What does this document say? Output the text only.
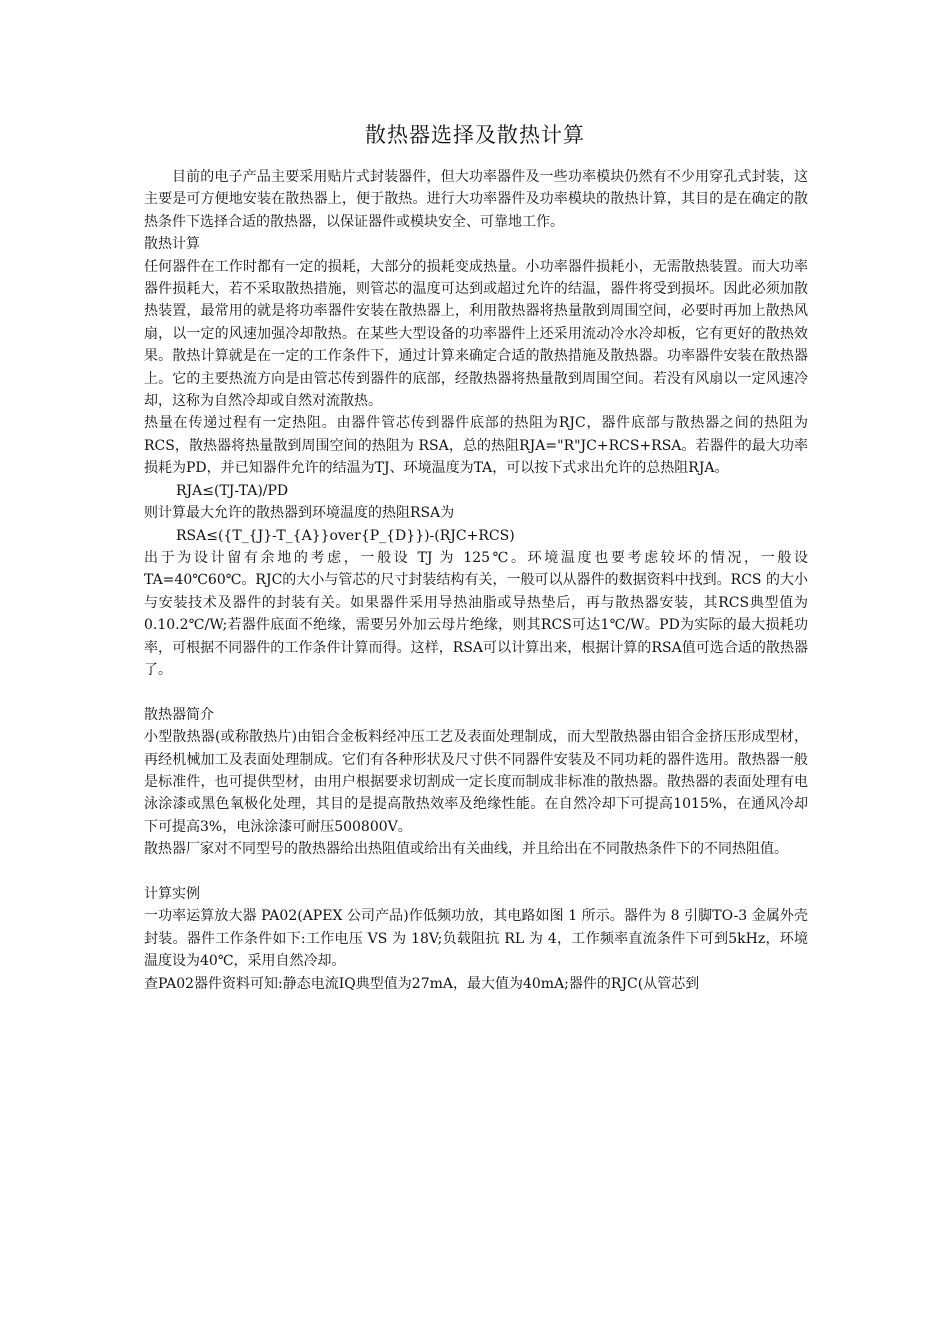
散热器选择及散热计算

目前的电子产品主要采用贴片式封装器件，但大功率器件及一些功率模块仍然有不少用穿孔式封装，这主要是可方便地安装在散热器上，便于散热。进行大功率器件及功率模块的散热计算，其目的是在确定的散热条件下选择合适的散热器，以保证器件或模块安全、可靠地工作。

散热计算

任何器件在工作时都有一定的损耗，大部分的损耗变成热量。小功率器件损耗小，无需散热装置。而大功率器件损耗大，若不采取散热措施，则管芯的温度可达到或超过允许的结温，器件将受到损坏。因此必须加散热装置，最常用的就是将功率器件安装在散热器上，利用散热器将热量散到周围空间，必要时再加上散热风扇，以一定的风速加强冷却散热。在某些大型设备的功率器件上还采用流动冷水冷却板，它有更好的散热效果。散热计算就是在一定的工作条件下，通过计算来确定合适的散热措施及散热器。功率器件安装在散热器上。它的主要热流方向是由管芯传到器件的底部，经散热器将热量散到周围空间。若没有风扇以一定风速冷却，这称为自然冷却或自然对流散热。

热量在传递过程有一定热阻。由器件管芯传到器件底部的热阻为RJC，器件底部与散热器之间的热阻为 RCS，散热器将热量散到周围空间的热阻为 RSA，总的热阻RJA="R"JC+RCS+RSA。若器件的最大功率损耗为PD，并已知器件允许的结温为TJ、环境温度为TA，可以按下式求出允许的总热阻RJA。

RJA≤(TJ-TA)/PD

则计算最大允许的散热器到环境温度的热阻RSA为

RSA≤({T_{J}-T_{A}}over{P_{D}})-(RJC+RCS)

出于为设计留有余地的考虑，一般设 TJ 为 125℃。环境温度也要考虑较坏的情况，一般设TA=40℃60℃。RJC的大小与管芯的尺寸封装结构有关，一般可以从器件的数据资料中找到。RCS 的大小与安装技术及器件的封装有关。如果器件采用导热油脂或导热垫后，再与散热器安装，其RCS典型值为0.10.2℃/W;若器件底面不绝缘，需要另外加云母片绝缘，则其RCS可达1℃/W。PD为实际的最大损耗功率，可根据不同器件的工作条件计算而得。这样，RSA可以计算出来，根据计算的RSA值可选合适的散热器了。

散热器简介

小型散热器(或称散热片)由铝合金板料经冲压工艺及表面处理制成，而大型散热器由铝合金挤压形成型材，再经机械加工及表面处理制成。它们有各种形状及尺寸供不同器件安装及不同功耗的器件选用。散热器一般是标准件，也可提供型材，由用户根据要求切割成一定长度而制成非标准的散热器。散热器的表面处理有电泳涂漆或黑色氧极化处理，其目的是提高散热效率及绝缘性能。在自然冷却下可提高1015%，在通风冷却下可提高3%，电泳涂漆可耐压500800V。

散热器厂家对不同型号的散热器给出热阻值或给出有关曲线，并且给出在不同散热条件下的不同热阻值。

计算实例

一功率运算放大器 PA02(APEX 公司产品)作低频功放，其电路如图 1 所示。器件为 8 引脚TO-3 金属外壳封装。器件工作条件如下:工作电压 VS 为 18V;负载阻抗 RL 为 4，工作频率直流条件下可到5kHz，环境温度设为40℃，采用自然冷却。

查PA02器件资料可知:静态电流IQ典型值为27mA，最大值为40mA;器件的RJC(从管芯到
